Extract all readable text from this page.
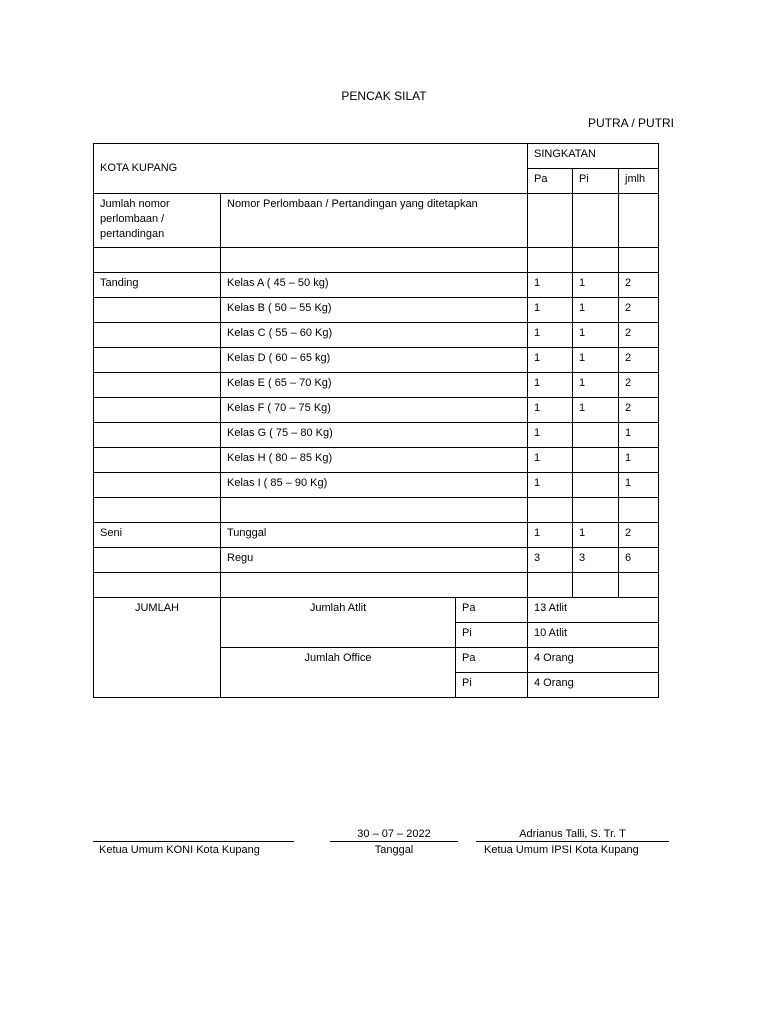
PENCAK SILAT
PUTRA / PUTRI
KOTA KUPANG			SINGKATAN		
			Pa	Pi	jmlh
Jumlah nomor perlombaan / pertandingan	Nomor Perlombaan / Pertandingan yang ditetapkan				

Tanding	Kelas A ( 45 – 50 kg)		1	1	2
	Kelas B ( 50 – 55 Kg)		1	1	2
	Kelas C ( 55 – 60 Kg)		1	1	2
	Kelas D ( 60 – 65 kg)		1	1	2
	Kelas E ( 65 – 70 Kg)		1	1	2
	Kelas F ( 70 – 75 Kg)		1	1	2
	Kelas G ( 75 – 80 Kg)		1		1
	Kelas H ( 80 – 85 Kg)		1		1
	Kelas I ( 85 – 90 Kg)		1		1

Seni	Tunggal		1	1	2
	Regu		3	3	6

JUMLAH	Jumlah Atlit	Pa	13 Atlit		
		Pi	10 Atlit		
	Jumlah Office	Pa	4 Orang		
		Pi	4 Orang		
Ketua Umum KONI Kota Kupang
30 – 07 – 2022
Tanggal
Adrianus Talli, S. Tr. T
Ketua Umum IPSI Kota Kupang
